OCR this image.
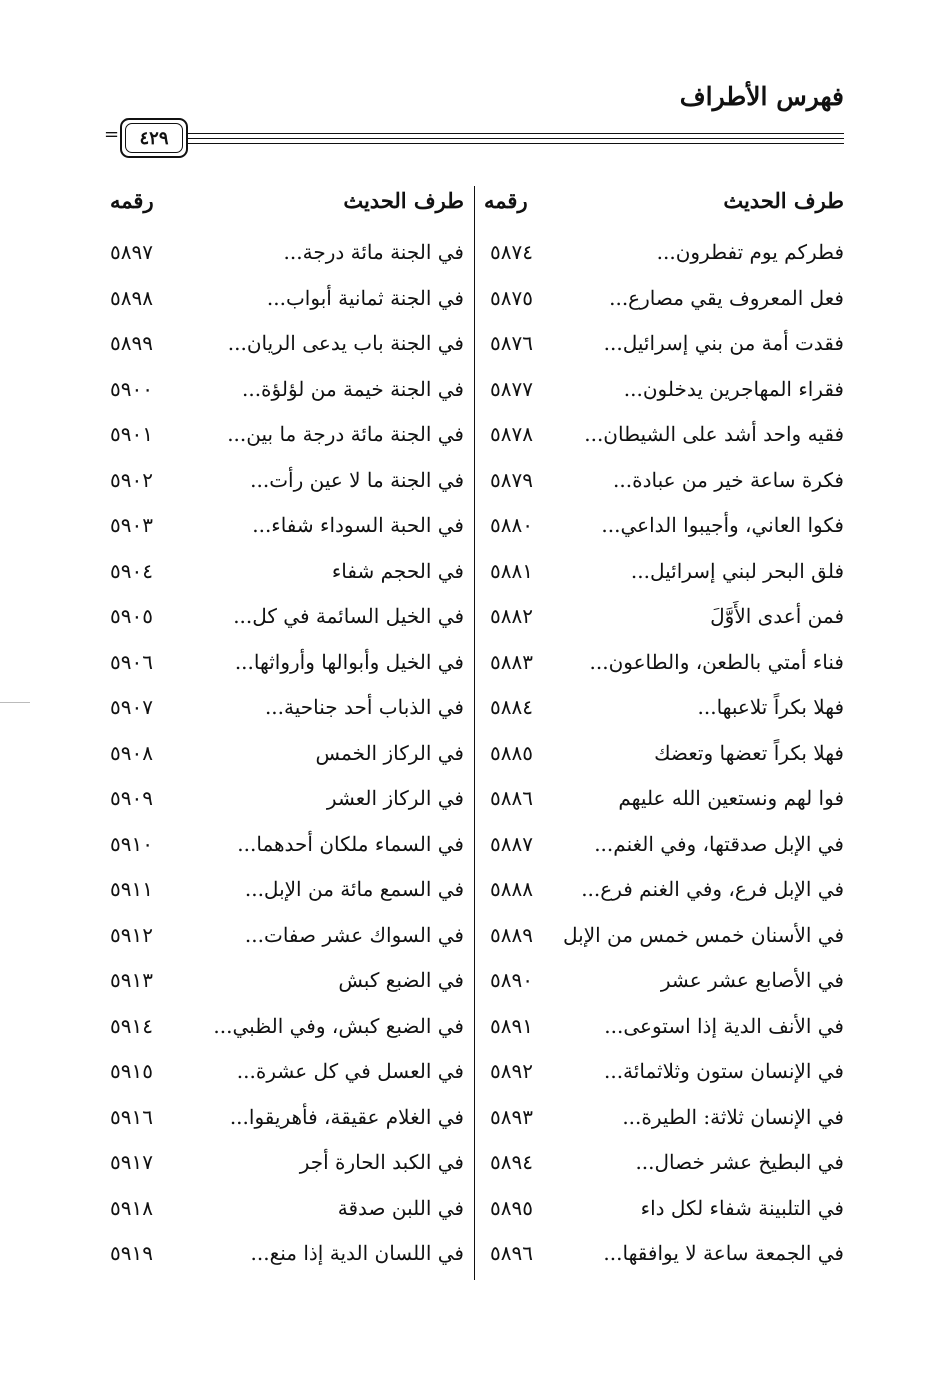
فهرس الأطراف
=	٤٢٩
طرف الحديث
رقمه
طرف الحديث
رقمه
فطركم يوم تفطرون...
٥٨٧٤
في الجنة مائة درجة...
٥٨٩٧
فعل المعروف يقي مصارع...
٥٨٧٥
في الجنة ثمانية أبواب...
٥٨٩٨
فقدت أمة من بني إسرائيل...
٥٨٧٦
في الجنة باب يدعى الريان...
٥٨٩٩
فقراء المهاجرين يدخلون...
٥٨٧٧
في الجنة خيمة من لؤلؤة...
٥٩٠٠
فقيه واحد أشد على الشيطان...
٥٨٧٨
في الجنة مائة درجة ما بين...
٥٩٠١
فكرة ساعة خير من عبادة...
٥٨٧٩
في الجنة ما لا عين رأت...
٥٩٠٢
فكوا العاني، وأجيبوا الداعي...
٥٨٨٠
في الحبة السوداء شفاء...
٥٩٠٣
فلق البحر لبني إسرائيل...
٥٨٨١
في الحجم شفاء
٥٩٠٤
فمن أعدى الأَوَّلَ
٥٨٨٢
في الخيل السائمة في كل...
٥٩٠٥
فناء أمتي بالطعن، والطاعون...
٥٨٨٣
في الخيل وأبوالها وأرواثها...
٥٩٠٦
فهلا بكراً تلاعبها...
٥٨٨٤
في الذباب أحد جناحية...
٥٩٠٧
فهلا بكراً تعضها وتعضك
٥٨٨٥
في الركاز الخمس
٥٩٠٨
فوا لهم ونستعين الله عليهم
٥٨٨٦
في الركاز العشر
٥٩٠٩
في الإبل صدقتها، وفي الغنم...
٥٨٨٧
في السماء ملكان أحدهما...
٥٩١٠
في الإبل فرع، وفي الغنم فرع...
٥٨٨٨
في السمع مائة من الإبل...
٥٩١١
في الأسنان خمس خمس من الإبل
٥٨٨٩
في السواك عشر صفات...
٥٩١٢
في الأصابع عشر عشر
٥٨٩٠
في الضبع كبش
٥٩١٣
في الأنف الدية إذا استوعى...
٥٨٩١
في الضبع كبش، وفي الظبي...
٥٩١٤
في الإنسان ستون وثلاثمائة...
٥٨٩٢
في العسل في كل عشرة...
٥٩١٥
في الإنسان ثلاثة: الطيرة...
٥٨٩٣
في الغلام عقيقة، فأهريقوا...
٥٩١٦
في البطيخ عشر خصال...
٥٨٩٤
في الكبد الحارة أجر
٥٩١٧
في التلبينة شفاء لكل داء
٥٨٩٥
في اللبن صدقة
٥٩١٨
في الجمعة ساعة لا يوافقها...
٥٨٩٦
في اللسان الدية إذا منع...
٥٩١٩
